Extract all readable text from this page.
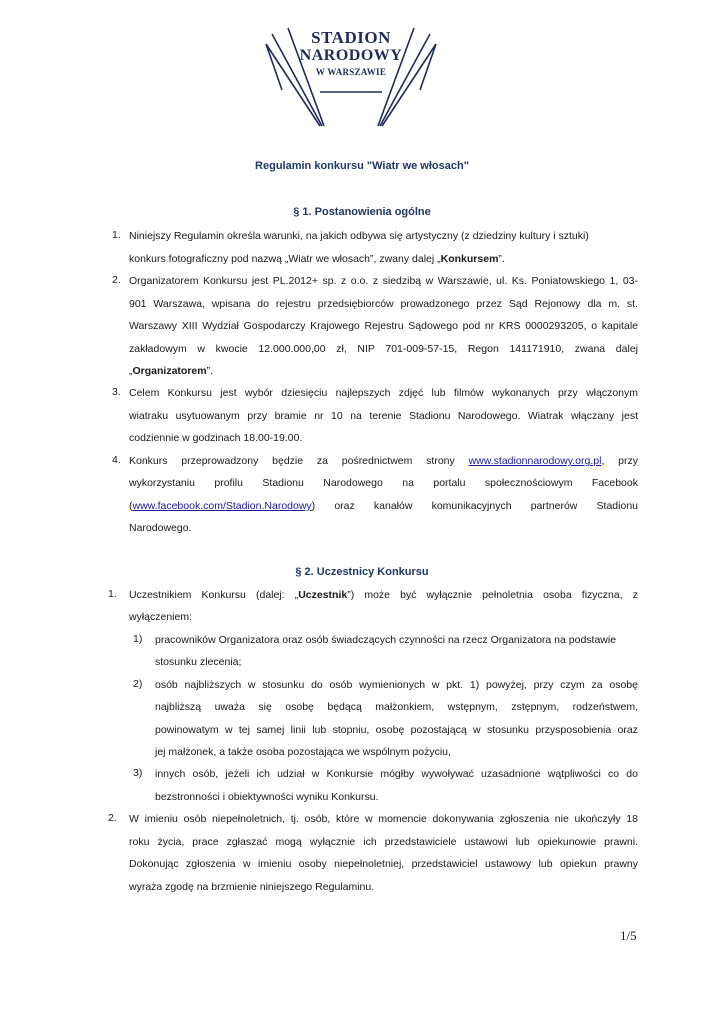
STADION
NARODOWY
W WARSZAWIE
Regulamin konkursu "Wiatr we włosach"
§ 1. Postanowienia ogólne
1. Niniejszy Regulamin określa warunki, na jakich odbywa się artystyczny (z dziedziny kultury i sztuki)
konkurs fotograficzny pod nazwą „Wiatr we włosach”, zwany dalej „Konkursem”.
2. Organizatorem Konkursu jest PL.2012+ sp. z o.o. z siedzibą w Warszawie, ul. Ks. Poniatowskiego 1, 03-
901 Warszawa, wpisana do rejestru przedsiębiorców prowadzonego przez Sąd Rejonowy dla m. st.
Warszawy XIII Wydział Gospodarczy Krajowego Rejestru Sądowego pod nr KRS 0000293205, o kapitale
zakładowym w kwocie 12.000.000,00 zł, NIP 701-009-57-15, Regon 141171910, zwana dalej
„Organizatorem”.
3. Celem Konkursu jest wybór dziesięciu najlepszych zdjęć lub filmów wykonanych przy włączonym
wiatraku usytuowanym przy bramie nr 10 na terenie Stadionu Narodowego. Wiatrak włączany jest
codziennie w godzinach 18.00-19.00.
4. Konkurs przeprowadzony będzie za pośrednictwem strony www.stadionnarodowy.org.pl, przy
wykorzystaniu profilu Stadionu Narodowego na portalu społecznościowym Facebook
(www.facebook.com/Stadion.Narodowy) oraz kanałów komunikacyjnych partnerów Stadionu
Narodowego.
§ 2. Uczestnicy Konkursu
1. Uczestnikiem Konkursu (dalej: „Uczestnik”) może być wyłącznie pełnoletnia osoba fizyczna, z
wyłączeniem:
1) pracowników Organizatora oraz osób świadczących czynności na rzecz Organizatora na podstawie
stosunku zlecenia;
2) osób najbliższych w stosunku do osób wymienionych w pkt. 1) powyżej, przy czym za osobę
najbliższą uważa się osobę będącą małżonkiem, wstępnym, zstępnym, rodzeństwem,
powinowatym w tej samej linii lub stopniu, osobę pozostającą w stosunku przysposobienia oraz
jej małżonek, a także osoba pozostająca we wspólnym pożyciu,
3) innych osób, jeżeli ich udział w Konkursie mógłby wywoływać uzasadnione wątpliwości co do
bezstronności i obiektywności wyniku Konkursu.
2. W imieniu osób niepełnoletnich, tj. osób, które w momencie dokonywania zgłoszenia nie ukończyły 18
roku życia, prace zgłaszać mogą wyłącznie ich przedstawiciele ustawowi lub opiekunowie prawni.
Dokonując zgłoszenia w imieniu osoby niepełnoletniej, przedstawiciel ustawowy lub opiekun prawny
wyraża zgodę na brzmienie niniejszego Regulaminu.
1/5
